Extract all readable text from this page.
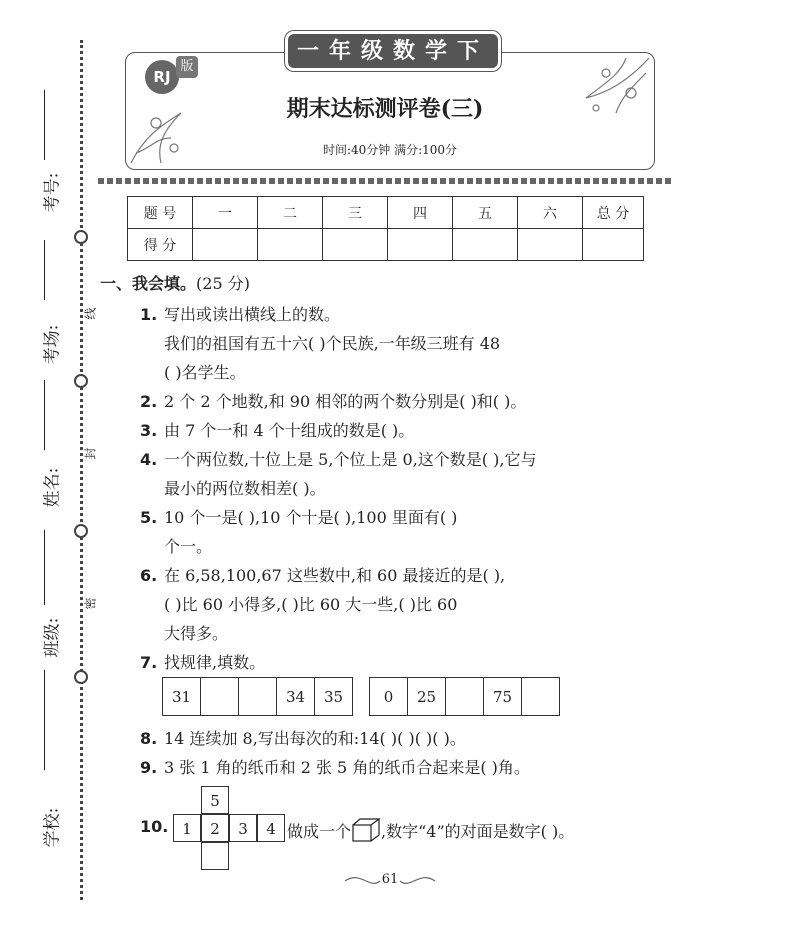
考号:
考场:
姓名:
班级:
学校:
线
封
密
一年级数学下
RJ
版
期末达标测评卷(三)
时间:40分钟 满分:100分
题 号	一	二	三	四	五	六	总 分
得 分							
一、我会填。(25 分)
1. 写出或读出横线上的数。
我们的祖国有五十六( )个民族,一年级三班有 48
( )名学生。
2. 2 个 2 个地数,和 90 相邻的两个数分别是( )和( )。
3. 由 7 个一和 4 个十组成的数是( )。
4. 一个两位数,十位上是 5,个位上是 0,这个数是( ),它与
最小的两位数相差( )。
5. 10 个一是( ),10 个十是( ),100 里面有( )
个一。
6. 在 6,58,100,67 这些数中,和 60 最接近的是( ),
( )比 60 小得多,( )比 60 大一些,( )比 60
大得多。
7. 找规律,填数。
31			34	35	0	25		75	
8. 14 连续加 8,写出每次的和:14( )( )( )( )。
9. 3 张 1 角的纸币和 2 张 5 角的纸币合起来是( )角。
10.
5
1	2	3	4 做成一个 ,数字“4”的对面是数字( )。
61
